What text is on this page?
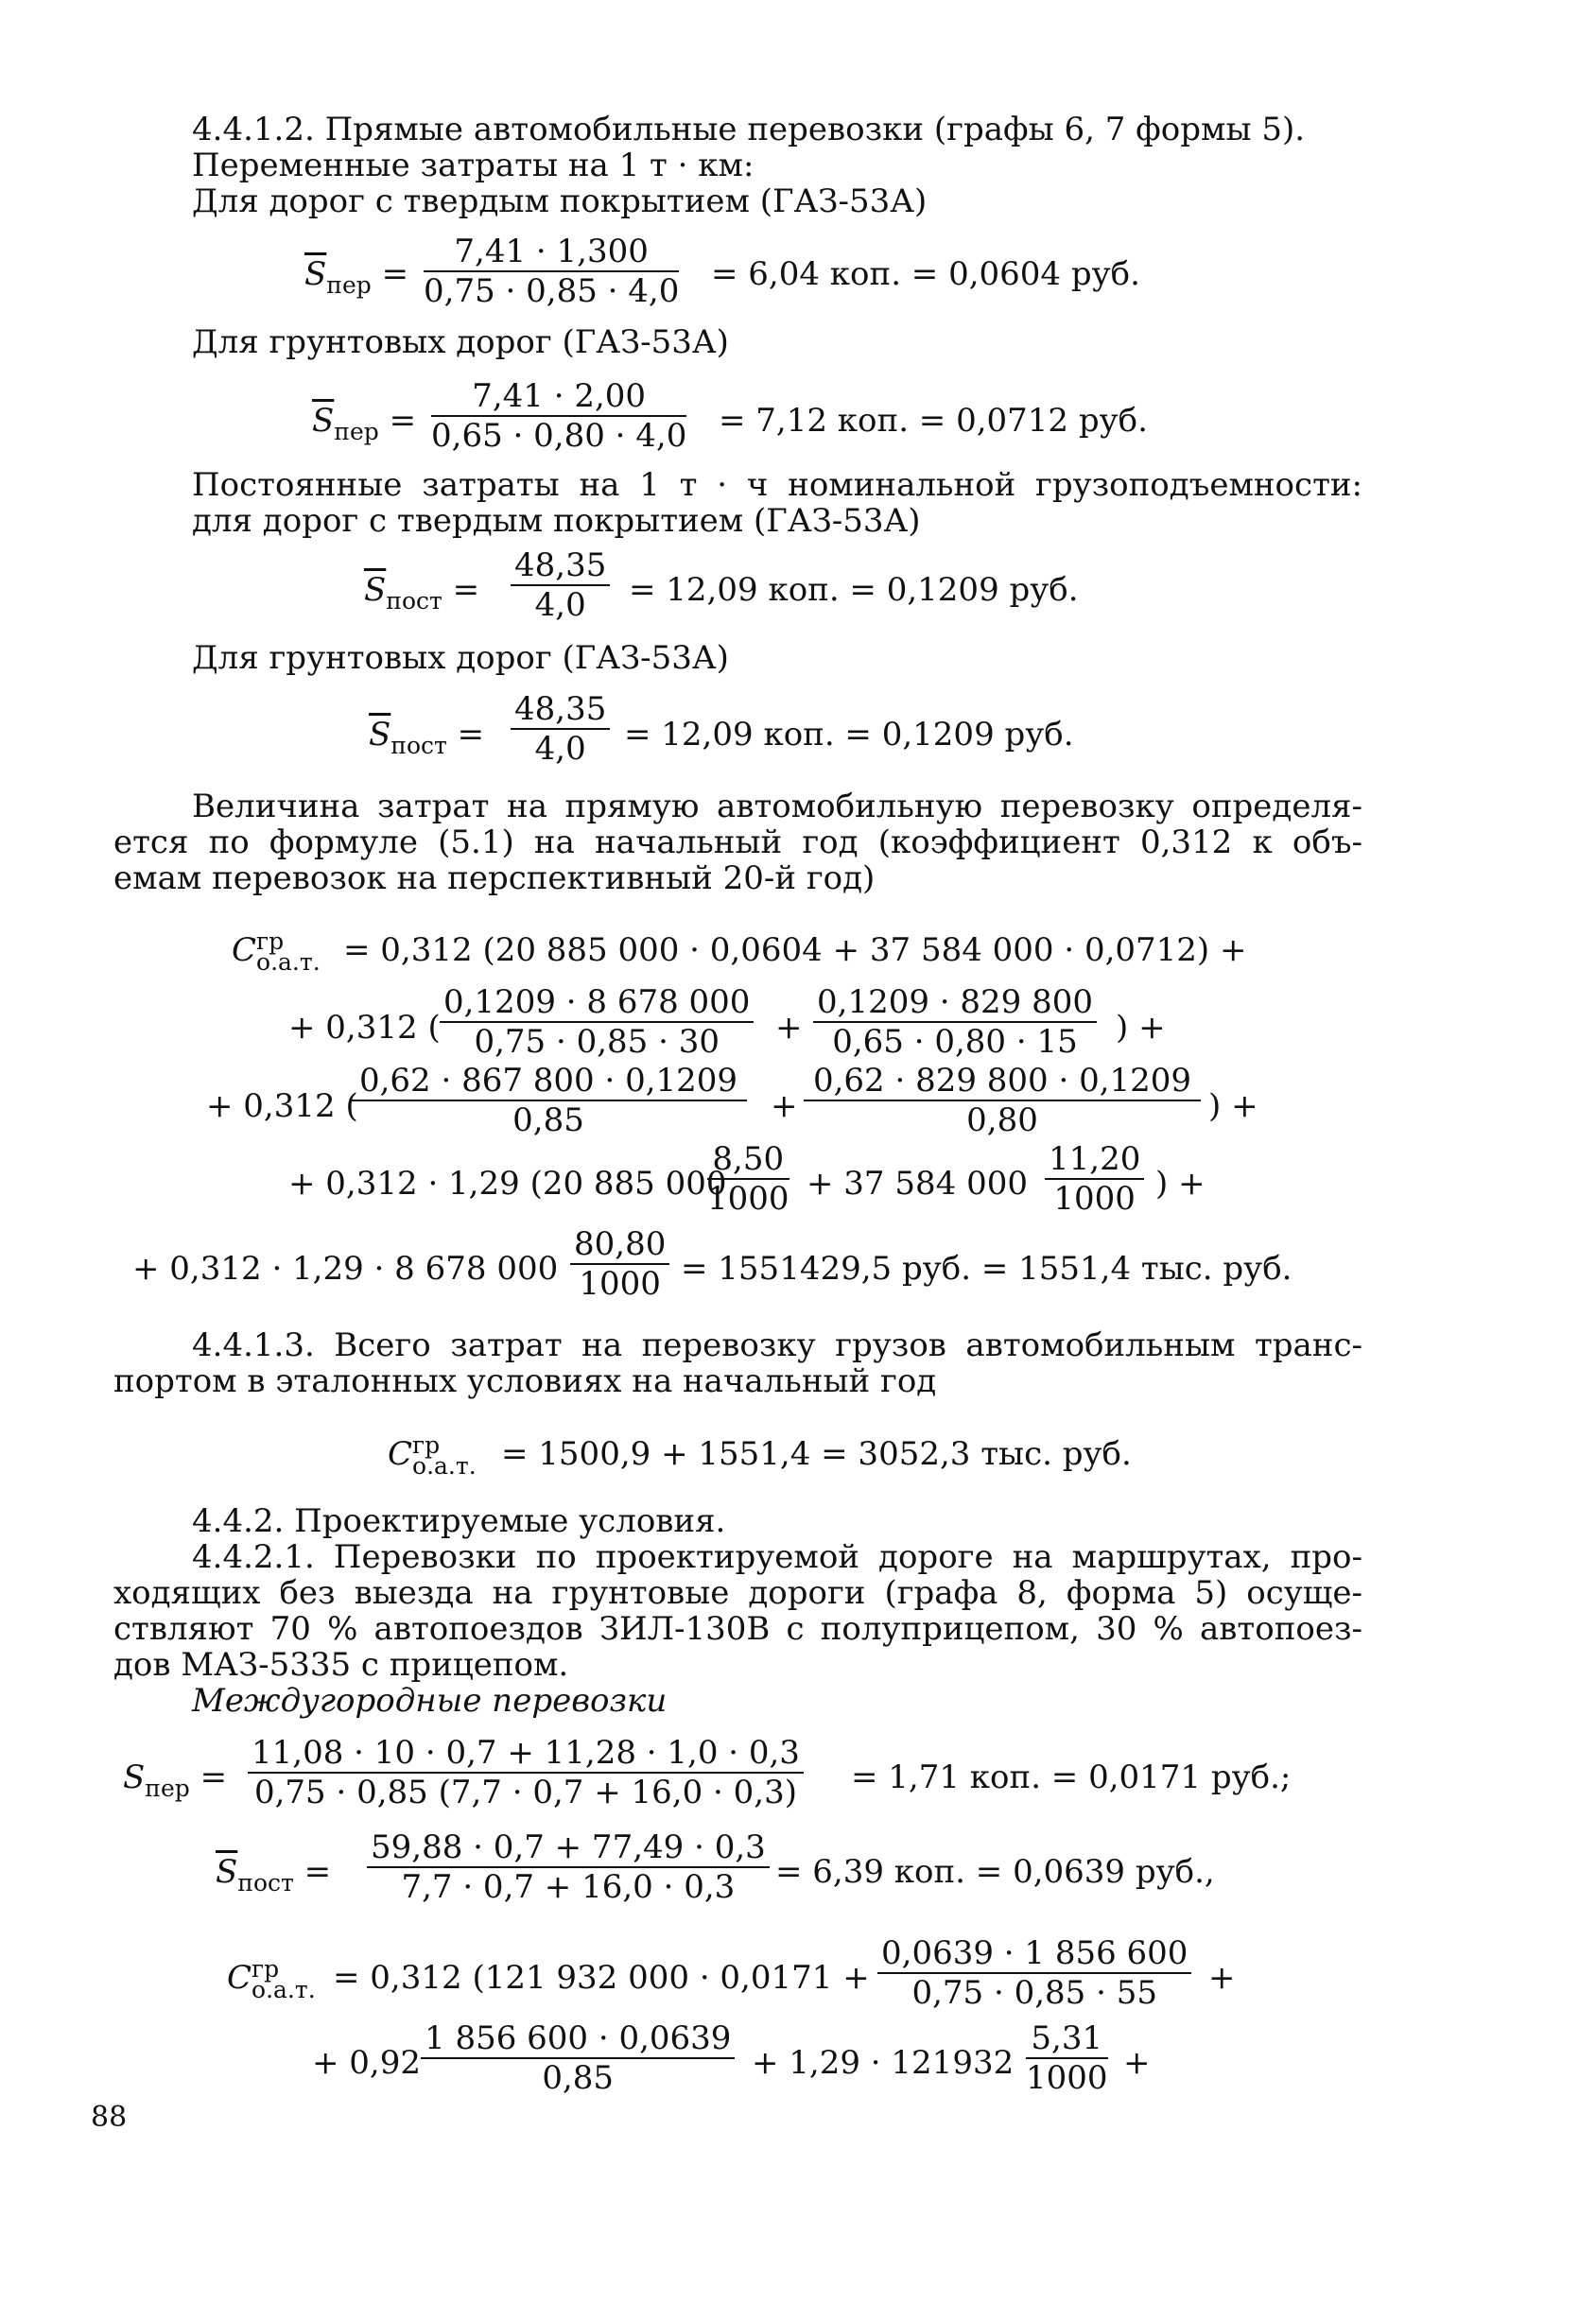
4.4.1.2. Прямые автомобильные перевозки (графы 6, 7 формы 5).
Переменные затраты на 1 т · км:
Для дорог с твердым покрытием (ГАЗ-53А)
$\overline{S}_{пер} = \frac{7,41 \cdot 1,300}{0,75 \cdot 0,85 \cdot 4,0} = 6,04$ коп. = 0,0604 руб.
Для грунтовых дорог (ГАЗ-53А)
$\overline{S}_{пер} = \frac{7,41 \cdot 2,00}{0,65 \cdot 0,80 \cdot 4,0} = 7,12$ коп. = 0,0712 руб.
Постоянные затраты на 1 т · ч номинальной грузоподъемности:
для дорог с твердым покрытием (ГАЗ-53А)
$\overline{S}_{пост} = \frac{48,35}{4,0} = 12,09$ коп. = 0,1209 руб.
Для грунтовых дорог (ГАЗ-53А)
$\overline{S}_{пост} = \frac{48,35}{4,0} = 12,09$ коп. = 0,1209 руб.
Величина затрат на прямую автомобильную перевозку определя-
ется по формуле (5.1) на начальный год (коэффициент 0,312 к объ-
емам перевозок на перспективный 20-й год)
C гр
о.а.т. = 0,312 (20 885 000 · 0,0604 + 37 584 000 · 0,0712) +
+ 0,312 ( $\frac{0,1209 \cdot 8 678 000}{0,75 \cdot 0,85 \cdot 30} + \frac{0,1209 \cdot 829 800}{0,65 \cdot 0,80 \cdot 15}$ ) +
+ 0,312 (
$\frac{0,62 \cdot 867 800 \cdot 0,1209}{0,85} + \frac{0,62 \cdot 829 800 \cdot 0,1209}{0,80}$ ) +
+ 0,312 · 1,29 (20 885 000
$\frac{8,50}{1000} + 37$ 584 $000 \frac{11,20}{1000}$ ) +
+ 0,312 · 1,29 · 8 678 $000 \frac{80,80}{1000} = 1551429,5$ руб. = 1551,4 тыс. руб.
4.4.1.3. Всего затрат на перевозку грузов автомобильным транс-
портом в эталонных условиях на начальный год
C гр
о.а.т. = 1500,9 + 1551,4 = 3052,3 тыс. руб.
4.4.2. Проектируемые условия.
4.4.2.1. Перевозки по проектируемой дороге на маршрутах, про-
ходящих без выезда на грунтовые дороги (графа 8, форма 5) осуще-
ствляют 70 % автопоездов ЗИЛ-130В с полуприцепом, 30 % автопоез-
дов МАЗ-5335 с прицепом.
Междугородные перевозки
$S_{пер} = \frac{11,08 \cdot 10 \cdot 0,7 + 11,28 \cdot 1,0 \cdot 0,3}{0,75 \cdot 0,85 (7,7 \cdot 0,7 + 16,0 \cdot 0,3)} = 1,71$ коп. = 0,0171 руб.;
$\overline{S}_{пост} = \frac{59,88 \cdot 0,7 + 77,49 \cdot 0,3}{7,7 \cdot 0,7 + 16,0 \cdot 0,3} = 6,39$ коп. = 0,0639 руб.,
C гр
о.а.т. = 0,312 (121 932 $000 \cdot 0,0171 + \frac{0,0639 \cdot 1 856 600}{0,75 \cdot 0,85 \cdot 55}$ +
+ $0,92 \frac{1 856 600 \cdot 0,0639}{0,85} + 1,29 \cdot 121932 \frac{5,31}{1000}$ +
88
